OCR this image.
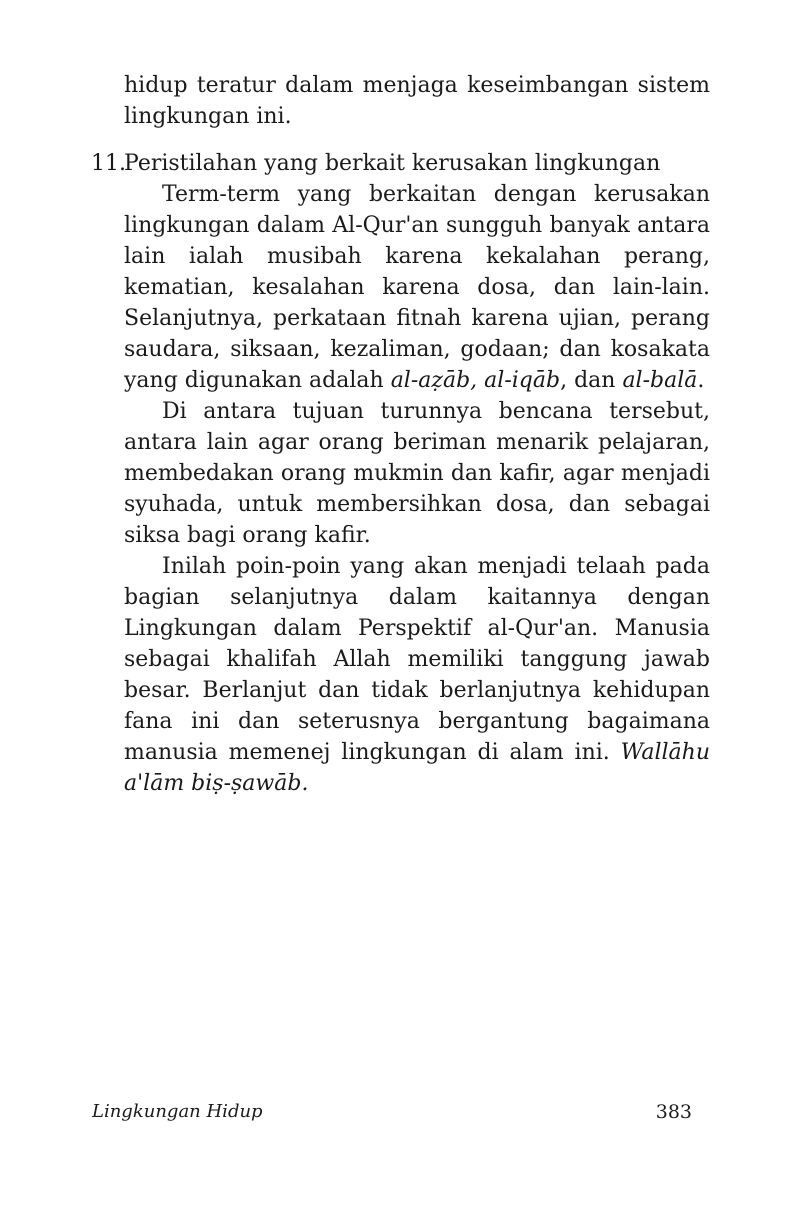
hidup teratur dalam menjaga keseimbangan sistem lingkungan ini.

11.Peristilahan yang berkait kerusakan lingkungan

Term-term yang berkaitan dengan kerusakan lingkungan dalam Al-Qur'an sungguh banyak antara lain ialah musibah karena kekalahan perang, kematian, kesalahan karena dosa, dan lain-lain. Selanjutnya, perkataan fitnah karena ujian, perang saudara, siksaan, kezaliman, godaan; dan kosakata yang digunakan adalah al-aẓāb, al-iqāb, dan al-balā.

Di antara tujuan turunnya bencana tersebut, antara lain agar orang beriman menarik pelajaran, membedakan orang mukmin dan kafir, agar menjadi syuhada, untuk membersihkan dosa, dan sebagai siksa bagi orang kafir.

Inilah poin-poin yang akan menjadi telaah pada bagian selanjutnya dalam kaitannya dengan Lingkungan dalam Perspektif al-Qur'an. Manusia sebagai khalifah Allah memiliki tanggung jawab besar. Berlanjut dan tidak berlanjutnya kehidupan fana ini dan seterusnya bergantung bagaimana manusia memenej lingkungan di alam ini. Wallāhu a'lām biṣ-ṣawāb.

Lingkungan Hidup	383
